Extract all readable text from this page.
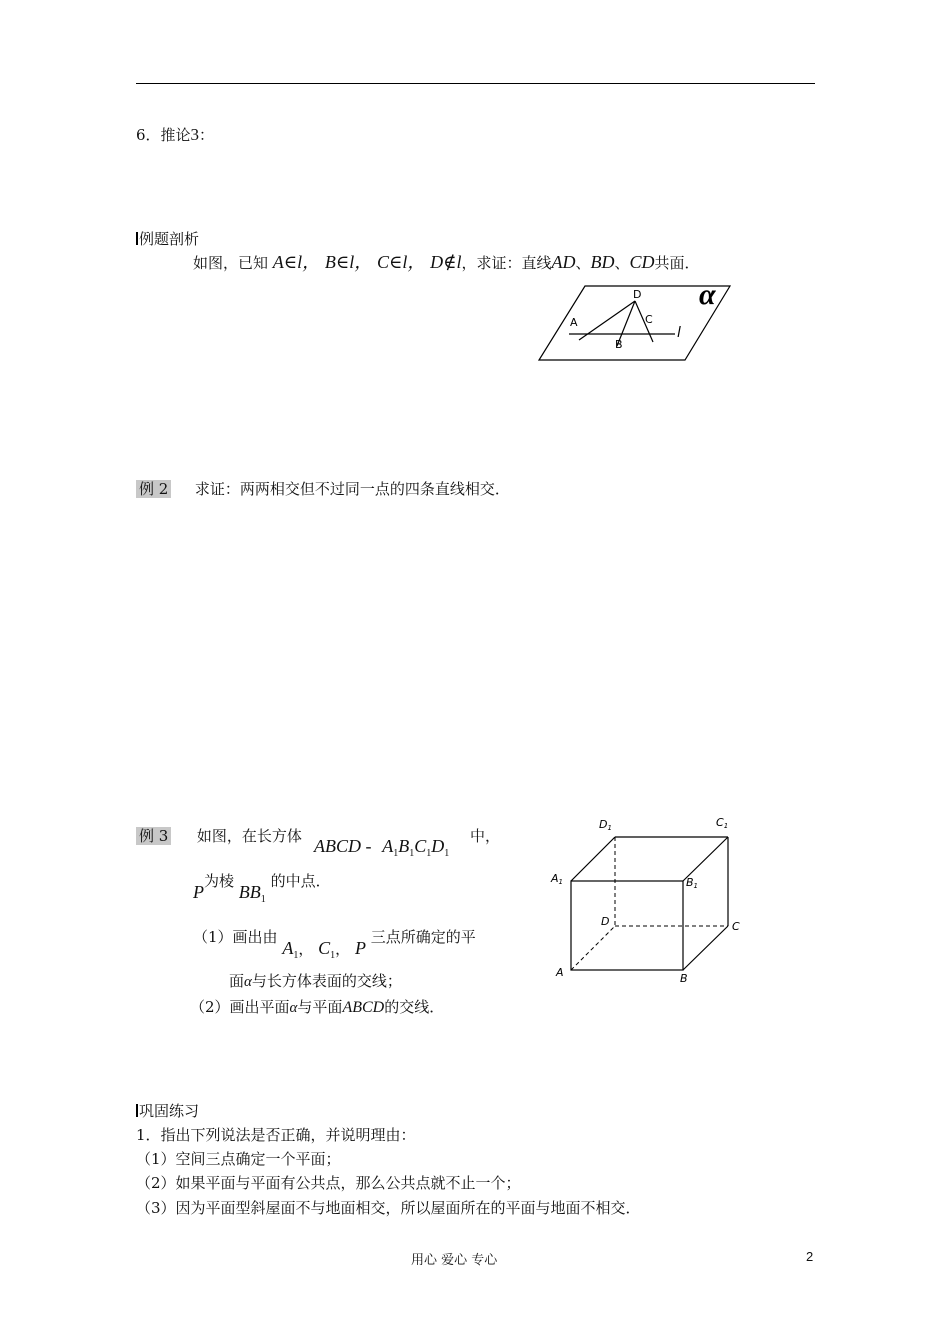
6．推论3：
例题剖析
如图，已知 A∈l， B∈l， C∈l， D∉l，求证：直线AD、BD、CD共面．
D
A	C
B
l
α
例 2 求证：两两相交但不过同一点的四条直线相交．
例 3 如图，在长方体 ABCD - $A_1B_1C_1D_1$
中，
P为棱 $BB_1$ 的中点．
（1）画出由 $A_1$， $C_1$， P 三点所确定的平
面α与长方体表面的交线；
（2）画出平面α与平面ABCD的交线．
D1	C1
A1	B1
D	C
A	B
巩固练习
1．指出下列说法是否正确，并说明理由：
（1）空间三点确定一个平面；
（2）如果平面与平面有公共点，那么公共点就不止一个；
（3）因为平面型斜屋面不与地面相交，所以屋面所在的平面与地面不相交．
用心 爱心 专心	2
